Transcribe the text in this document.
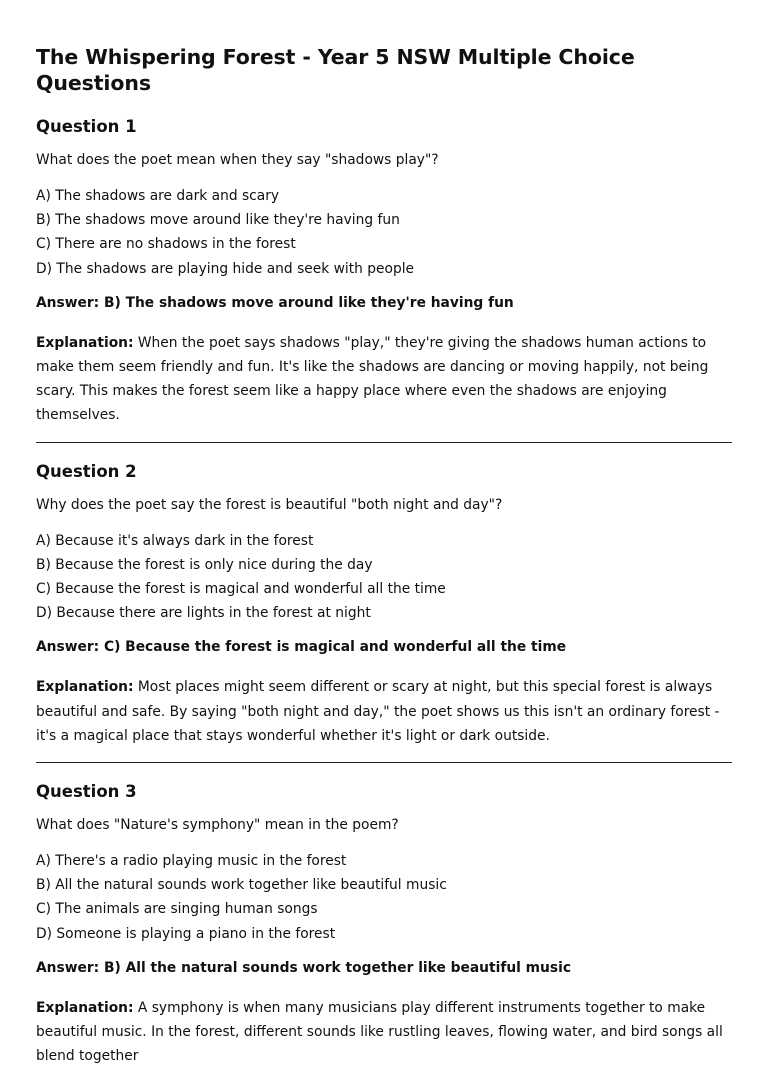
The Whispering Forest - Year 5 NSW Multiple Choice Questions
Question 1

What does the poet mean when they say "shadows play"?

A) The shadows are dark and scary
B) The shadows move around like they're having fun
C) There are no shadows in the forest
D) The shadows are playing hide and seek with people

Answer: B) The shadows move around like they're having fun

Explanation: When the poet says shadows "play," they're giving the shadows human actions to make them seem friendly and fun. It's like the shadows are dancing or moving happily, not being scary. This makes the forest seem like a happy place where even the shadows are enjoying themselves.

Question 2

Why does the poet say the forest is beautiful "both night and day"?

A) Because it's always dark in the forest
B) Because the forest is only nice during the day
C) Because the forest is magical and wonderful all the time
D) Because there are lights in the forest at night

Answer: C) Because the forest is magical and wonderful all the time

Explanation: Most places might seem different or scary at night, but this special forest is always beautiful and safe. By saying "both night and day," the poet shows us this isn't an ordinary forest - it's a magical place that stays wonderful whether it's light or dark outside.

Question 3

What does "Nature's symphony" mean in the poem?

A) There's a radio playing music in the forest
B) All the natural sounds work together like beautiful music
C) The animals are singing human songs
D) Someone is playing a piano in the forest

Answer: B) All the natural sounds work together like beautiful music

Explanation: A symphony is when many musicians play different instruments together to make beautiful music. In the forest, different sounds like rustling leaves, flowing water, and bird songs all blend together
